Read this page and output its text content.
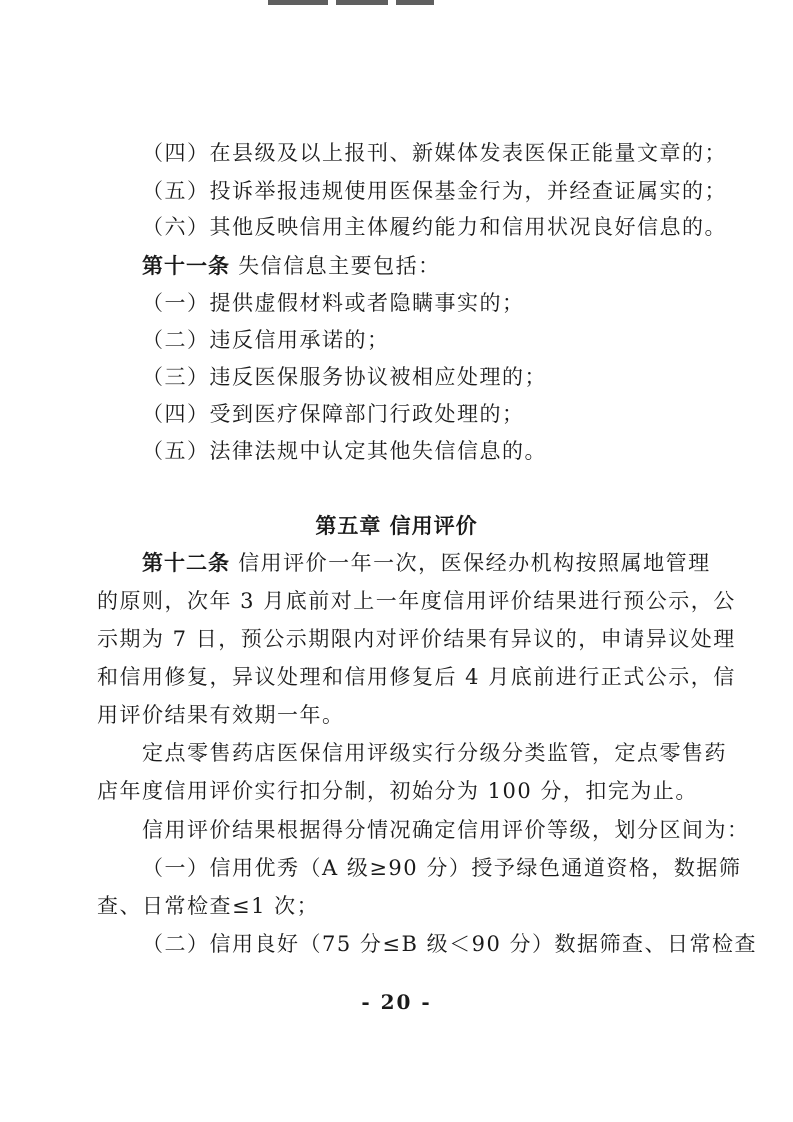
（四）在县级及以上报刊、新媒体发表医保正能量文章的；
（五）投诉举报违规使用医保基金行为，并经查证属实的；
（六）其他反映信用主体履约能力和信用状况良好信息的。
第十一条 失信信息主要包括：
（一）提供虚假材料或者隐瞒事实的；
（二）违反信用承诺的；
（三）违反医保服务协议被相应处理的；
（四）受到医疗保障部门行政处理的；
（五）法律法规中认定其他失信信息的。
第五章 信用评价
第十二条 信用评价一年一次，医保经办机构按照属地管理
的原则，次年 3 月底前对上一年度信用评价结果进行预公示，公
示期为 7 日，预公示期限内对评价结果有异议的，申请异议处理
和信用修复，异议处理和信用修复后 4 月底前进行正式公示，信
用评价结果有效期一年。
定点零售药店医保信用评级实行分级分类监管，定点零售药
店年度信用评价实行扣分制，初始分为 100 分，扣完为止。
信用评价结果根据得分情况确定信用评价等级，划分区间为：
（一）信用优秀（A 级≥90 分）授予绿色通道资格，数据筛
查、日常检查≤1 次；
（二）信用良好（75 分≤B 级＜90 分）数据筛查、日常检查
- 20 -
